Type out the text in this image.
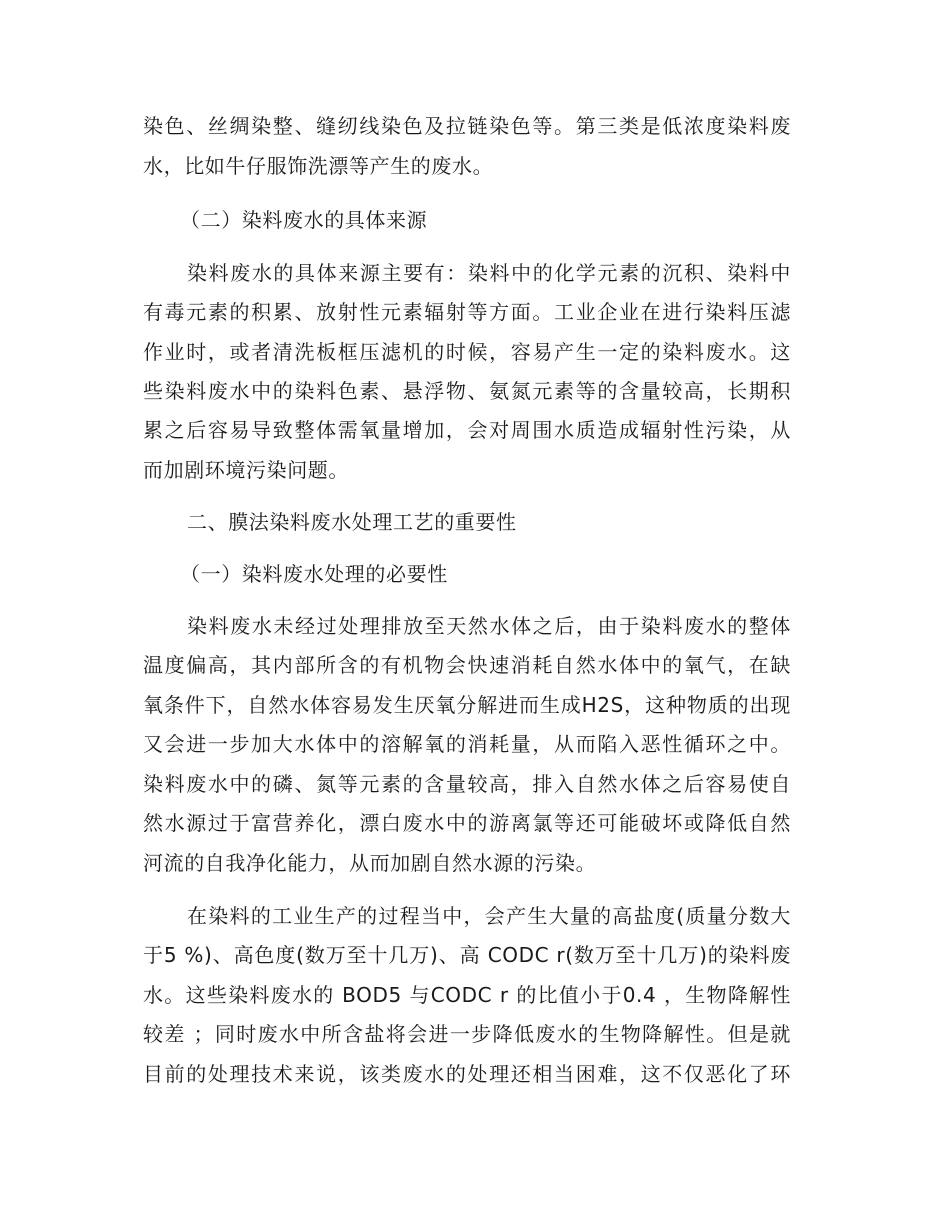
染色、丝绸染整、缝纫线染色及拉链染色等。第三类是低浓度染料废
水，比如牛仔服饰洗漂等产生的废水。
（二）染料废水的具体来源
染料废水的具体来源主要有：染料中的化学元素的沉积、染料中
有毒元素的积累、放射性元素辐射等方面。工业企业在进行染料压滤
作业时，或者清洗板框压滤机的时候，容易产生一定的染料废水。这
些染料废水中的染料色素、悬浮物、氨氮元素等的含量较高，长期积
累之后容易导致整体需氧量增加，会对周围水质造成辐射性污染，从
而加剧环境污染问题。
二、膜法染料废水处理工艺的重要性
（一）染料废水处理的必要性
染料废水未经过处理排放至天然水体之后，由于染料废水的整体
温度偏高，其内部所含的有机物会快速消耗自然水体中的氧气，在缺
氧条件下，自然水体容易发生厌氧分解进而生成H2S，这种物质的出现
又会进一步加大水体中的溶解氧的消耗量，从而陷入恶性循环之中。
染料废水中的磷、氮等元素的含量较高，排入自然水体之后容易使自
然水源过于富营养化，漂白废水中的游离氯等还可能破坏或降低自然
河流的自我净化能力，从而加剧自然水源的污染。
在染料的工业生产的过程当中，会产生大量的高盐度(质量分数大
于5 %)、高色度(数万至十几万)、高 CODC r(数万至十几万)的染料废
水。这些染料废水的 BOD5 与CODC r 的比值小于0.4 ，生物降解性
较差 ；同时废水中所含盐将会进一步降低废水的生物降解性。但是就
目前的处理技术来说，该类废水的处理还相当困难，这不仅恶化了环
